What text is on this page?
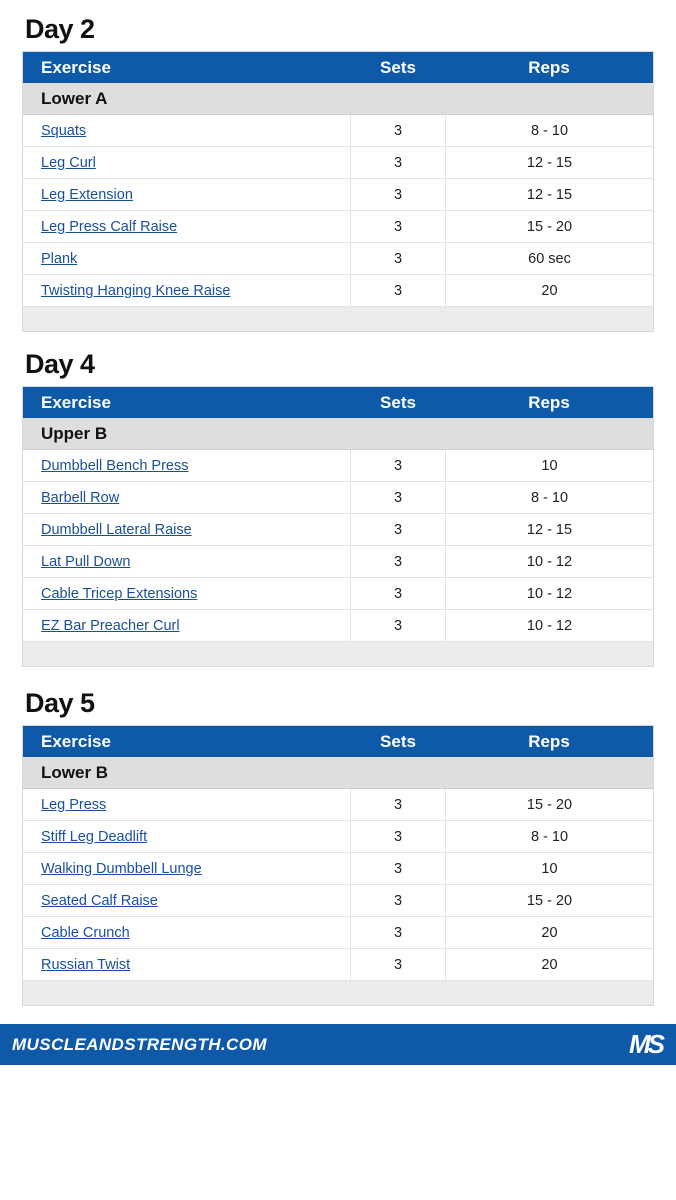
Day 2
Exercise	Sets	Reps
Lower A
Squats	3	8 - 10
Leg Curl	3	12 - 15
Leg Extension	3	12 - 15
Leg Press Calf Raise	3	15 - 20
Plank	3	60 sec
Twisting Hanging Knee Raise	3	20
Day 4
Exercise	Sets	Reps
Upper B
Dumbbell Bench Press	3	10
Barbell Row	3	8 - 10
Dumbbell Lateral Raise	3	12 - 15
Lat Pull Down	3	10 - 12
Cable Tricep Extensions	3	10 - 12
EZ Bar Preacher Curl	3	10 - 12
Day 5
Exercise	Sets	Reps
Lower B
Leg Press	3	15 - 20
Stiff Leg Deadlift	3	8 - 10
Walking Dumbbell Lunge	3	10
Seated Calf Raise	3	15 - 20
Cable Crunch	3	20
Russian Twist	3	20
MUSCLEANDSTRENGTH.COM	MS
